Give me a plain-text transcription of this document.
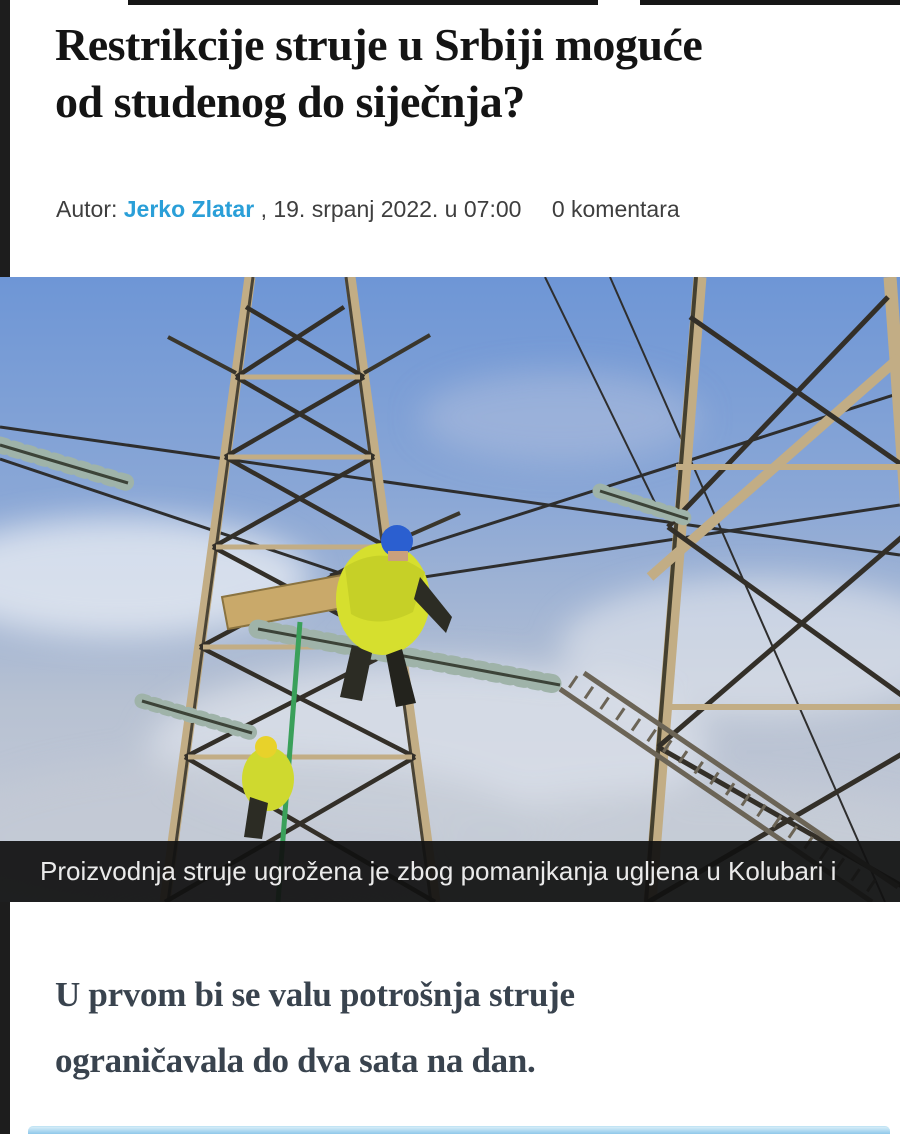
Restrikcije struje u Srbiji moguće
od studenog do siječnja?
Autor: Jerko Zlatar , 19. srpanj 2022. u 07:00 0 komentara
Proizvodnja struje ugrožena je zbog pomanjkanja ugljena u Kolubari i
U prvom bi se valu potrošnja struje
ograničavala do dva sata na dan.
